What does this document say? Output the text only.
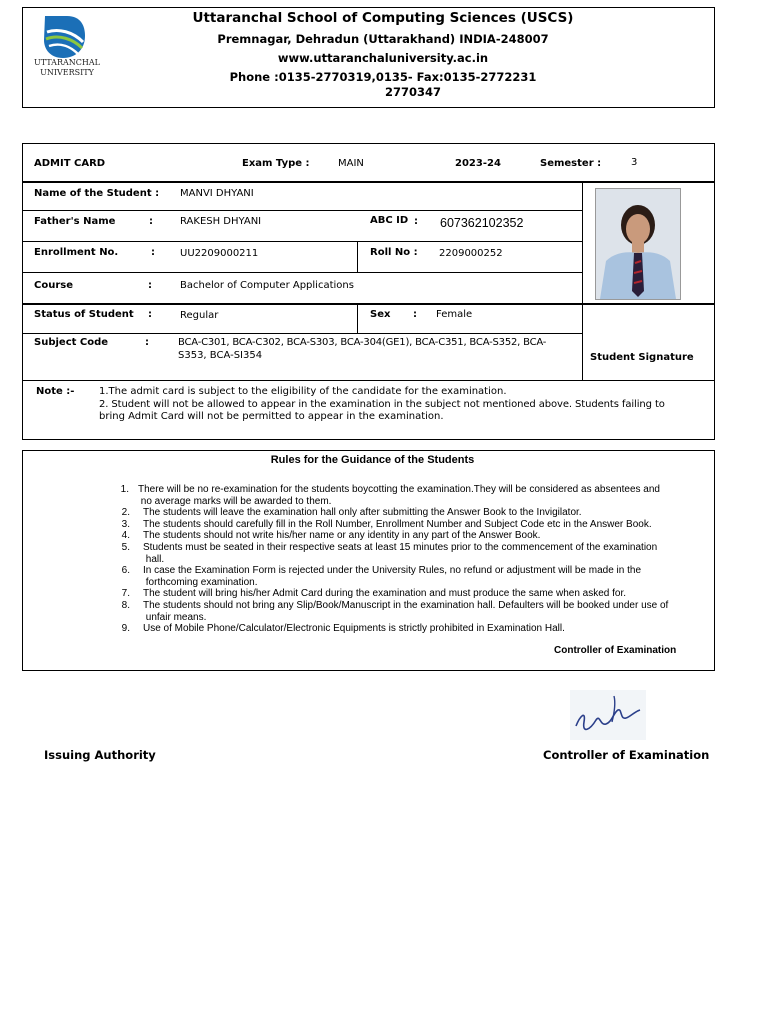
UTTARANCHAL UNIVERSITY
Uttaranchal School of Computing Sciences (USCS)
Premnagar, Dehradun (Uttarakhand) INDIA-248007
www.uttaranchaluniversity.ac.in
Phone :0135-2770319,0135- Fax:0135-2772231
2770347
ADMIT CARD	Exam Type :	MAIN	2023-24	Semester :	3
Name of the Student : MANVI DHYANI
Father's Name	:	RAKESH DHYANI	ABC ID : 607362102352
Enrollment No.	:	UU2209000211	Roll No : 2209000252
Course	:	Bachelor of Computer Applications
Status of Student :	Regular	Sex : Female
Subject Code	:	BCA-C301, BCA-C302, BCA-S303, BCA-304(GE1), BCA-C351, BCA-S352, BCA-
S353, BCA-SI354	Student Signature
Note :- 1.The admit card is subject to the eligibility of the candidate for the examination.
2. Student will not be allowed to appear in the examination in the subject not mentioned above. Students failing to
bring Admit Card will not be permitted to appear in the examination.
Rules for the Guidance of the Students
1. There will be no re-examination for the students boycotting the examination.They will be considered as absentees and
no average marks will be awarded to them.
2. The students will leave the examination hall only after submitting the Answer Book to the Invigilator.
3. The students should carefully fill in the Roll Number, Enrollment Number and Subject Code etc in the Answer Book.
4. The students should not write his/her name or any identity in any part of the Answer Book.
5. Students must be seated in their respective seats at least 15 minutes prior to the commencement of the examination
hall.
6. In case the Examination Form is rejected under the University Rules, no refund or adjustment will be made in the
forthcoming examination.
7. The student will bring his/her Admit Card during the examination and must produce the same when asked for.
8. The students should not bring any Slip/Book/Manuscript in the examination hall. Defaulters will be booked under use of
unfair means.
9. Use of Mobile Phone/Calculator/Electronic Equipments is strictly prohibited in Examination Hall.
Controller of Examination
Issuing Authority	Controller of Examination
